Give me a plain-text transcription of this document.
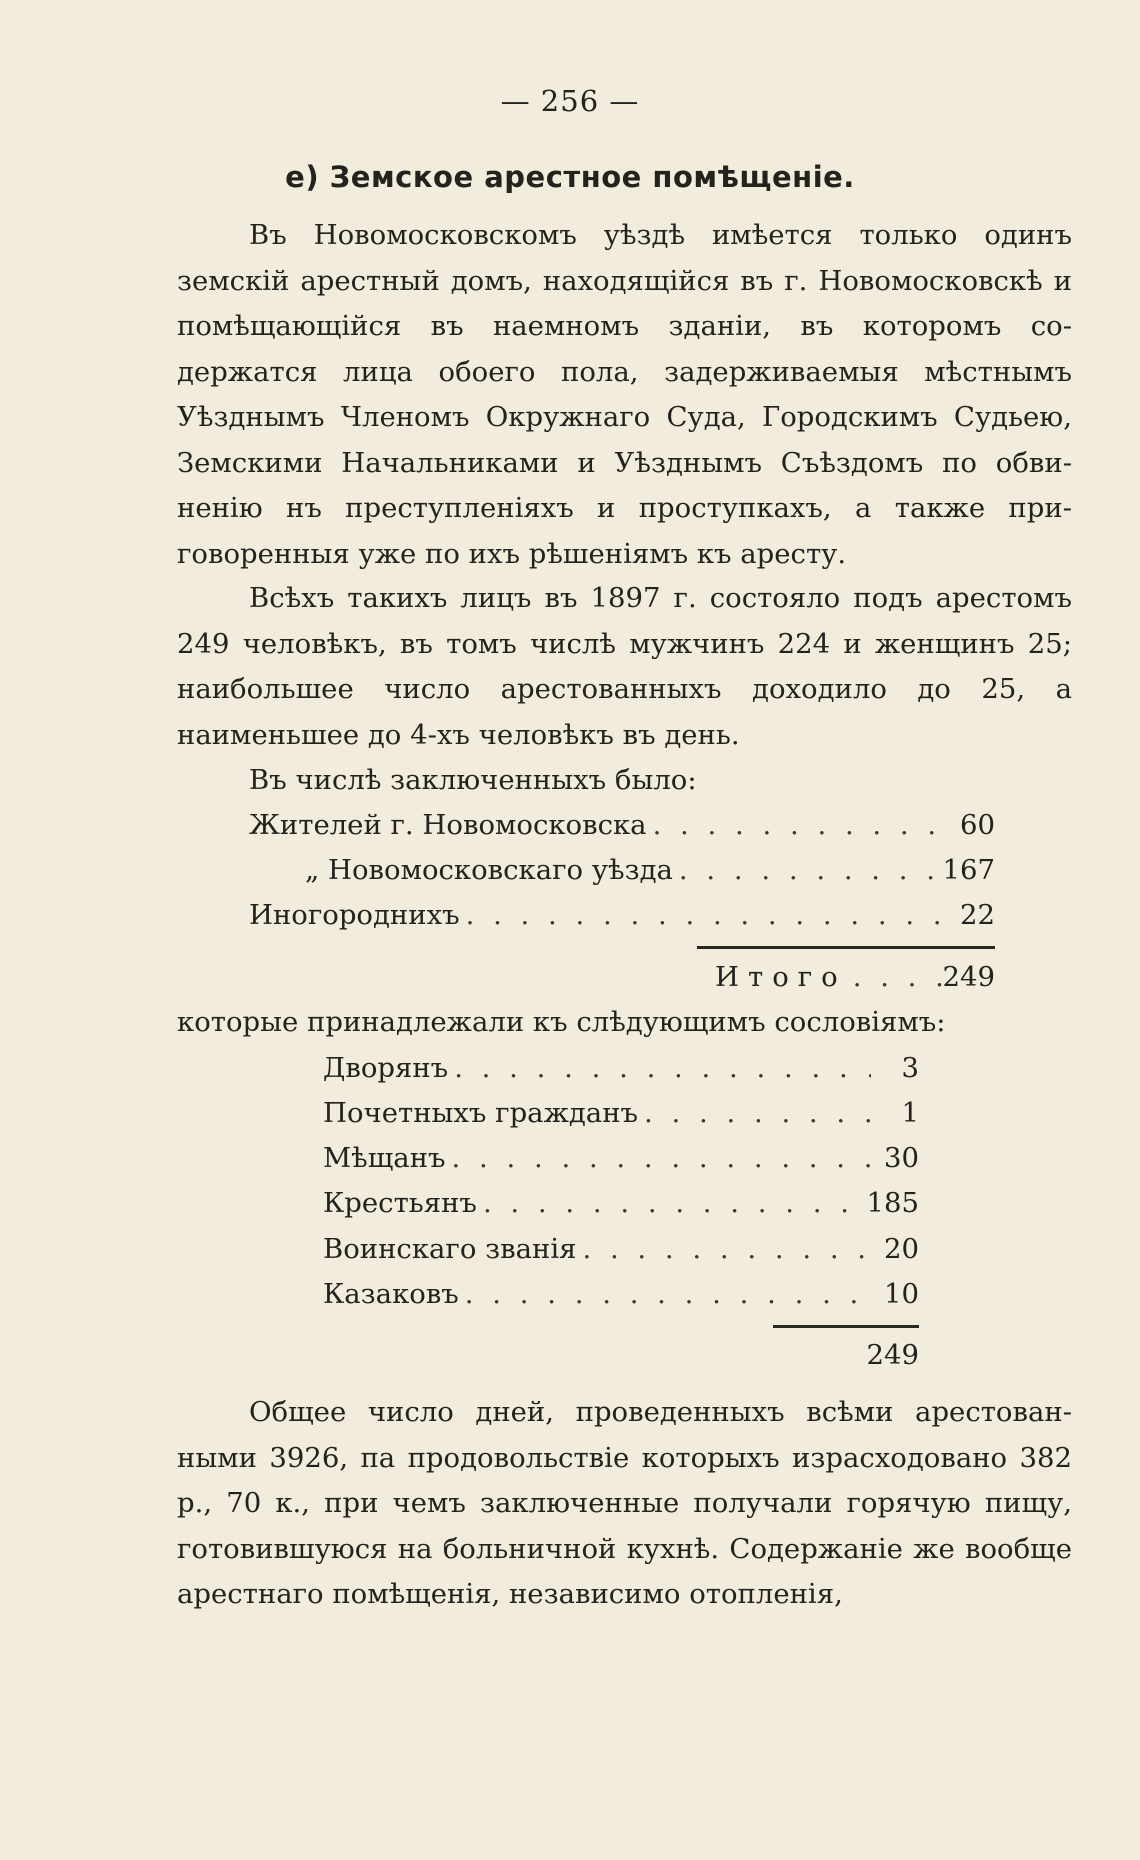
— 256 —
е) Земское арестное помѣщеніе.

Въ Новомосковскомъ уѣздѣ имѣется только одинъ земскій арестный домъ, находящійся въ г. Новомосковскѣ и помѣщающійся въ наемномъ зданіи, въ которомъ содержатся лица обоего пола, задерживаемыя мѣстнымъ Уѣзднымъ Членомъ Окружнаго Суда, Городскимъ Судьею, Земскими Начальниками и Уѣзднымъ Съѣздомъ по обвиненію нъ преступленіяхъ и проступкахъ, а также приговоренныя уже по ихъ рѣшеніямъ къ аресту.

Всѣхъ такихъ лицъ въ 1897 г. состояло подъ арестомъ 249 человѣкъ, въ томъ числѣ мужчинъ 224 и женщинъ 25; наибольшее число арестованныхъ доходило до 25, а наименьшее до 4-хъ человѣкъ въ день.

Въ числѣ заключенныхъ было:
Жителей г. Новомосковска . . .	60
„ Новомосковскаго уѣзда . . .	167
Иногороднихъ . . .	22
Итого . . .	249
которые принадлежали къ слѣдующимъ сословіямъ:
Дворянъ . . .	3
Почетныхъ гражданъ . . .	1
Мѣщанъ . . .	30
Крестьянъ . . .	185
Воинскаго званія . . .	20
Казаковъ . . .	10
249

Общее число дней, проведенныхъ всѣми арестованными 3926, па продовольствіе которыхъ израсходовано 382 р., 70 к., при чемъ заключенные получали горячую пищу, готовившуюся на больничной кухнѣ. Содержаніе же вообще арестнаго помѣщенія, независимо отопленія,
